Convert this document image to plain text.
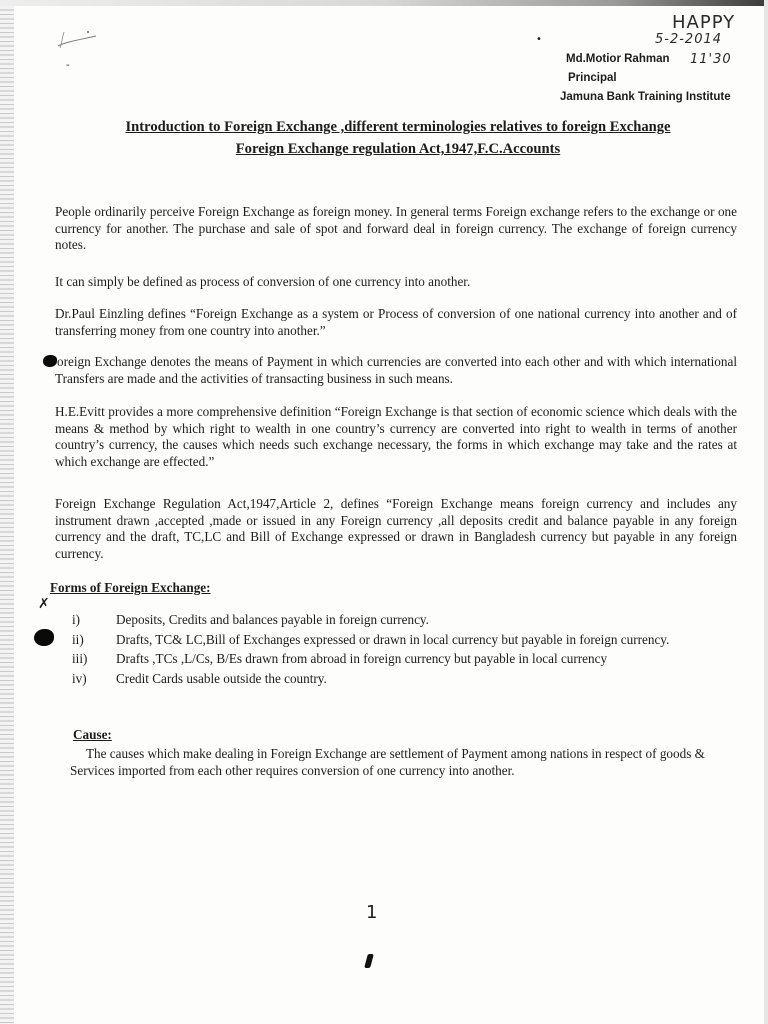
-
•
HAPPY
5-2-2014
11'30
Md.Motior Rahman
Principal
Jamuna Bank Training Institute
Introduction to Foreign Exchange ,different terminologies relatives to foreign Exchange
Foreign Exchange regulation Act,1947,F.C.Accounts
People ordinarily perceive Foreign Exchange as foreign money. In general terms Foreign exchange refers to the exchange or one currency for another. The purchase and sale of spot and forward deal in foreign currency. The exchange of foreign currency notes.
It can simply be defined as process of conversion of one currency into another.
Dr.Paul Einzling defines “Foreign Exchange as a system or Process of conversion of one national currency into another and of transferring money from one country into another.”
oreign Exchange denotes the means of Payment in which currencies are converted into each other and with which international Transfers are made and the activities of transacting business in such means.
H.E.Evitt provides a more comprehensive definition “Foreign Exchange is that section of economic science which deals with the means & method by which right to wealth in one country’s currency are converted into right to wealth in terms of another country’s currency, the causes which needs such exchange necessary, the forms in which exchange may take and the rates at which exchange are effected.”
Foreign Exchange Regulation Act,1947,Article 2, defines “Foreign Exchange means foreign currency and includes any instrument drawn ,accepted ,made or issued in any Foreign currency ,all deposits credit and balance payable in any foreign currency and the draft, TC,LC and Bill of Exchange expressed or drawn in Bangladesh currency but payable in any foreign currency.
Forms of Foreign Exchange:
✗
i)	Deposits, Credits and balances payable in foreign currency.
ii)	Drafts, TC& LC,Bill of Exchanges expressed or drawn in local currency but payable in foreign currency.
iii)	Drafts ,TCs ,L/Cs, B/Es drawn from abroad in foreign currency but payable in local currency
iv)	Credit Cards usable outside the country.
Cause:
The causes which make dealing in Foreign Exchange are settlement of Payment among nations in respect of goods & Services imported from each other requires conversion of one currency into another.
1
